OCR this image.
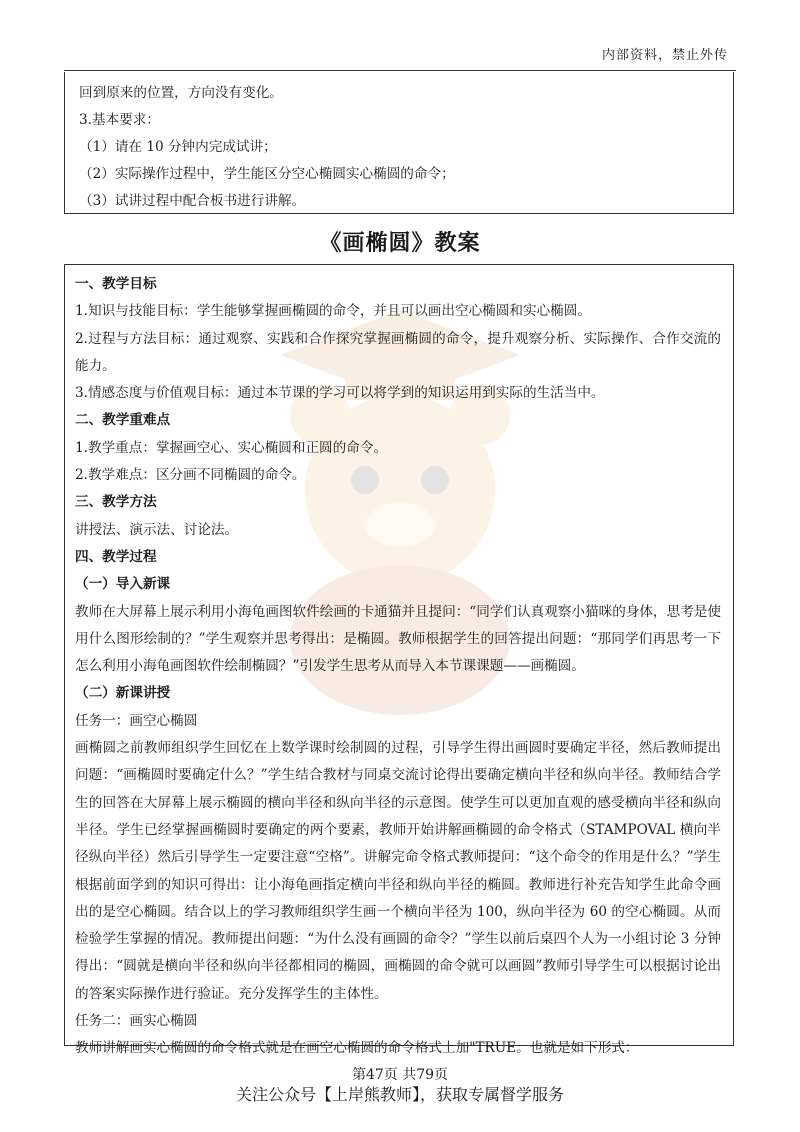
内部资料，禁止外传
回到原来的位置，方向没有变化。
3.基本要求：
（1）请在 10 分钟内完成试讲；
（2）实际操作过程中，学生能区分空心椭圆实心椭圆的命令；
（3）试讲过程中配合板书进行讲解。
《画椭圆》教案

一、教学目标

1.知识与技能目标：学生能够掌握画椭圆的命令，并且可以画出空心椭圆和实心椭圆。

2.过程与方法目标：通过观察、实践和合作探究掌握画椭圆的命令，提升观察分析、实际操作、合作交流的能力。

3.情感态度与价值观目标：通过本节课的学习可以将学到的知识运用到实际的生活当中。

二、教学重难点

1.教学重点：掌握画空心、实心椭圆和正圆的命令。

2.教学难点：区分画不同椭圆的命令。

三、教学方法

讲授法、演示法、讨论法。

四、教学过程

（一）导入新课

教师在大屏幕上展示利用小海龟画图软件绘画的卡通猫并且提问：“同学们认真观察小猫咪的身体，思考是使用什么图形绘制的？”学生观察并思考得出：是椭圆。教师根据学生的回答提出问题：“那同学们再思考一下怎么利用小海龟画图软件绘制椭圆？”引发学生思考从而导入本节课课题——画椭圆。

（二）新课讲授

任务一：画空心椭圆

画椭圆之前教师组织学生回忆在上数学课时绘制圆的过程，引导学生得出画圆时要确定半径，然后教师提出问题：“画椭圆时要确定什么？”学生结合教材与同桌交流讨论得出要确定横向半径和纵向半径。教师结合学生的回答在大屏幕上展示椭圆的横向半径和纵向半径的示意图。使学生可以更加直观的感受横向半径和纵向半径。学生已经掌握画椭圆时要确定的两个要素，教师开始讲解画椭圆的命令格式（STAMPOVAL 横向半径纵向半径）然后引导学生一定要注意“空格”。讲解完命令格式教师提问：“这个命令的作用是什么？”学生根据前面学到的知识可得出：让小海龟画指定横向半径和纵向半径的椭圆。教师进行补充告知学生此命令画出的是空心椭圆。结合以上的学习教师组织学生画一个横向半径为 100，纵向半径为 60 的空心椭圆。从而检验学生掌握的情况。教师提出问题：“为什么没有画圆的命令？”学生以前后桌四个人为一小组讨论 3 分钟得出：“圆就是横向半径和纵向半径都相同的椭圆，画椭圆的命令就可以画圆”教师引导学生可以根据讨论出的答案实际操作进行验证。充分发挥学生的主体性。

任务二：画实心椭圆

教师讲解画实心椭圆的命令格式就是在画空心椭圆的命令格式上加"TRUE。也就是如下形式：

第47页 共79页
关注公众号【上岸熊教师】，获取专属督学服务
